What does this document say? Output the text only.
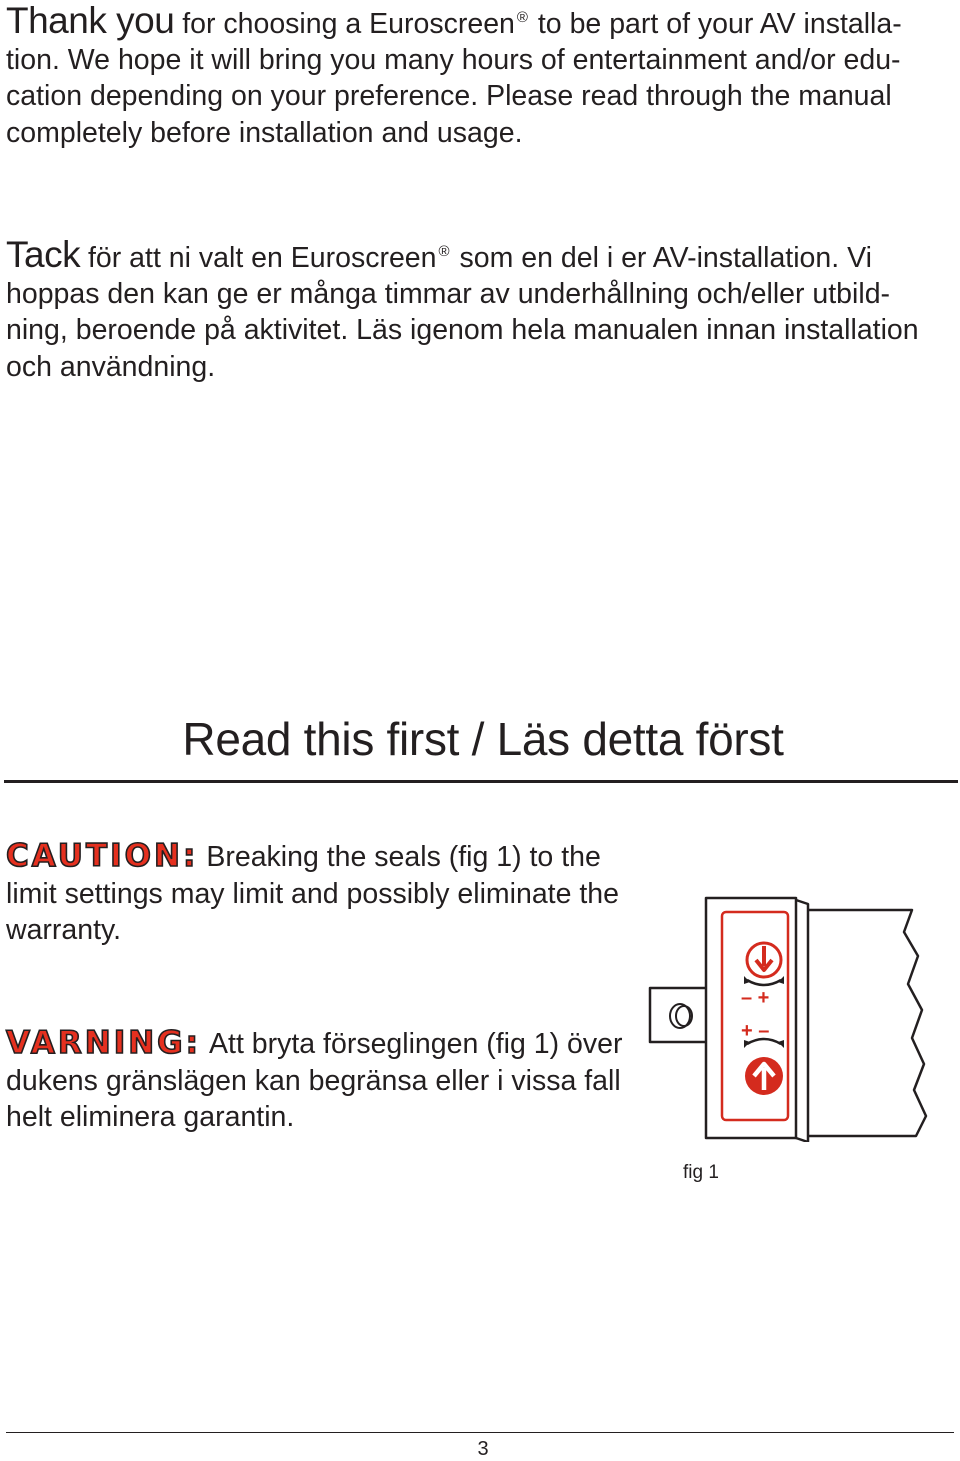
Thank you for choosing a Euroscreen ® to be part of your AV installa-tion. We hope it will bring you many hours of entertainment and/or edu-cation depending on your preference. Please read through the manual completely before installation and usage.

Tack för att ni valt en Euroscreen ® som en del i er AV-installation. Vi hoppas den kan ge er många timmar av underhållning och/eller utbild-ning, beroende på aktivitet. Läs igenom hela manualen innan installation och användning.

Read this first / Läs detta först

CAUTION: Breaking the seals (fig 1) to the limit settings may limit and possibly eliminate the warranty.

VARNING: Att bryta förseglingen (fig 1) över dukens gränslägen kan begränsa eller i vissa fall helt eliminera garantin.

– +
+ –
fig 1
3
